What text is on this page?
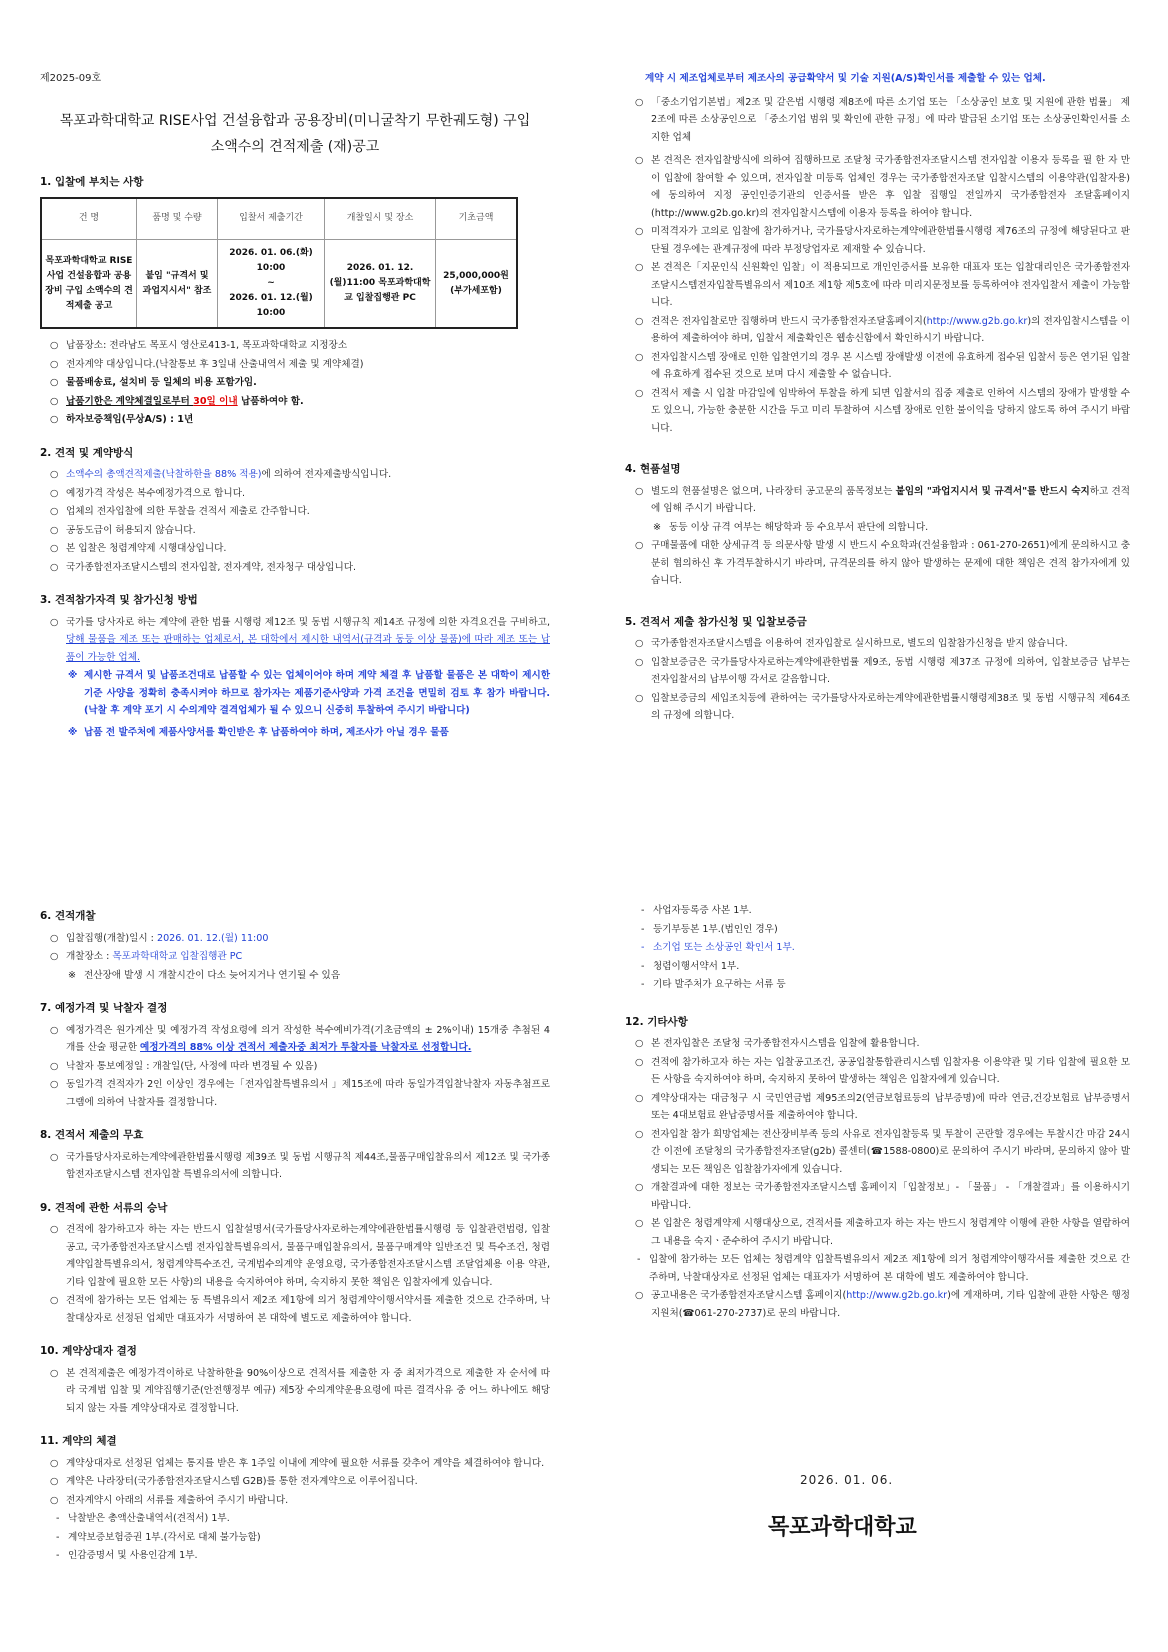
제2025-09호
목포과학대학교 RISE사업 건설융합과 공용장비(미니굴착기 무한궤도형) 구입
소액수의 견적제출 (재)공고
1. 입찰에 부치는 사항
건 명	품명 및 수량	입찰서 제출기간	개찰일시 및 장소	기초금액
목포과학대학교 RISE사업 건설융합과 공용장비 구입 소액수의 견적제출 공고	붙임 "규격서 및 과업지시서" 참조	2026. 01. 06.(화) 10:00
~
2026. 01. 12.(월) 10:00	2026. 01. 12.(월)11:00 목포과학대학교 입찰집행관 PC	25,000,000원 (부가세포함)
○ 납품장소: 전라남도 목포시 영산로413-1, 목포과학대학교 지정장소
○ 전자계약 대상입니다.(낙찰통보 후 3일내 산출내역서 제출 및 계약체결)
○ 물품배송료, 설치비 등 일체의 비용 포함가임.
○ 납품기한은 계약체결일로부터 30일 이내 납품하여야 함.
○ 하자보증책임(무상A/S) : 1년
2. 견적 및 계약방식
○ 소액수의 총액견적제출(낙찰하한율 88% 적용)에 의하여 전자제출방식입니다.
○ 예정가격 작성은 복수예정가격으로 합니다.
○ 업체의 전자입찰에 의한 투찰을 견적서 제출로 간주합니다.
○ 공동도급이 허용되지 않습니다.
○ 본 입찰은 청렴계약제 시행대상입니다.
○ 국가종합전자조달시스템의 전자입찰, 전자계약, 전자청구 대상입니다.
3. 견적참가자격 및 참가신청 방법
○ 국가를 당사자로 하는 계약에 관한 법률 시행령 제12조 및 동법 시행규칙 제14조 규정에 의한 자격요건을 구비하고, 당해 물품을 제조 또는 판매하는 업체로서, 본 대학에서 제시한 내역서(규격과 동등 이상 물품)에 따라 제조 또는 납품이 가능한 업체.
※ 제시한 규격서 및 납품조건대로 납품할 수 있는 업체이어야 하며 계약 체결 후 납품할 물품은 본 대학이 제시한 기준 사양을 정확히 충족시켜야 하므로 참가자는 제품기준사양과 가격 조건을 면밀히 검토 후 참가 바랍니다. (낙찰 후 계약 포기 시 수의계약 결격업체가 될 수 있으니 신중히 투찰하여 주시기 바랍니다)
※ 납품 전 발주처에 제품사양서를 확인받은 후 납품하여야 하며, 제조사가 아닐 경우 물품
계약 시 제조업체로부터 제조사의 공급확약서 및 기술 지원(A/S)확인서를 제출할 수 있는 업체.
○ 「중소기업기본법」제2조 및 같은법 시행령 제8조에 따른 소기업 또는 「소상공인 보호 및 지원에 관한 법률」 제2조에 따른 소상공인으로 「중소기업 범위 및 확인에 관한 규정」에 따라 발급된 소기업 또는 소상공인확인서를 소지한 업체
○ 본 견적은 전자입찰방식에 의하여 집행하므로 조달청 국가종합전자조달시스템 전자입찰 이용자 등록을 필 한 자 만이 입찰에 참여할 수 있으며, 전자입찰 미등록 업체인 경우는 국가종합전자조달 입찰시스템의 이용약관(입찰자용)에 동의하여 지정 공인인증기관의 인증서를 받은 후 입찰 집행일 전일까지 국가종합전자 조달홈페이지(http://www.g2b.go.kr)의 전자입찰시스템에 이용자 등록을 하여야 합니다.
○ 미적격자가 고의로 입찰에 참가하거나, 국가를당사자로하는계약에관한법률시행령 제76조의 규정에 해당된다고 판단될 경우에는 관계규정에 따라 부정당업자로 제재할 수 있습니다.
○ 본 견적은「지문인식 신원확인 입찰」이 적용되므로 개인인증서를 보유한 대표자 또는 입찰대리인은 국가종합전자조달시스템전자입찰특별유의서 제10조 제1항 제5호에 따라 미리지문정보를 등록하여야 전자입찰서 제출이 가능합니다.
○ 견적은 전자입찰로만 집행하며 반드시 국가종합전자조달홈페이지(http://www.g2b.go.kr)의 전자입찰시스템을 이용하여 제출하여야 하며, 입찰서 제출확인은 웹송신함에서 확인하시기 바랍니다.
○ 전자입찰시스템 장애로 인한 입찰연기의 경우 본 시스템 장애발생 이전에 유효하게 접수된 입찰서 등은 연기된 입찰에 유효하게 접수된 것으로 보며 다시 제출할 수 없습니다.
○ 견적서 제출 시 입찰 마감일에 임박하여 투찰을 하게 되면 입찰서의 집중 제출로 인하여 시스템의 장애가 발생할 수도 있으니, 가능한 충분한 시간을 두고 미리 투찰하여 시스템 장애로 인한 불이익을 당하지 않도록 하여 주시기 바랍니다.
4. 현품설명
○ 별도의 현품설명은 없으며, 나라장터 공고문의 품목정보는 붙임의 "과업지시서 및 규격서"를 반드시 숙지하고 견적에 임해 주시기 바랍니다.
※ 동등 이상 규격 여부는 해당학과 등 수요부서 판단에 의합니다.
○ 구매물품에 대한 상세규격 등 의문사항 발생 시 반드시 수요학과(건설융합과 : 061-270-2651)에게 문의하시고 충분히 협의하신 후 가격투찰하시기 바라며, 규격문의를 하지 않아 발생하는 문제에 대한 책임은 견적 참가자에게 있습니다.
5. 견적서 제출 참가신청 및 입찰보증금
○ 국가종합전자조달시스템을 이용하여 전자입찰로 실시하므로, 별도의 입찰참가신청을 받지 않습니다.
○ 입찰보증금은 국가를당사자로하는계약에관한법률 제9조, 동법 시행령 제37조 규정에 의하여, 입찰보증금 납부는 전자입찰서의 납부이행 각서로 갈음합니다.
○ 입찰보증금의 세입조치등에 관하여는 국가를당사자로하는계약에관한법률시행령제38조 및 동법 시행규칙 제64조의 규정에 의합니다.
6. 견적개찰
○ 입찰집행(개찰)일시 : 2026. 01. 12.(월) 11:00
○ 개찰장소 : 목포과학대학교 입찰집행관 PC
※ 전산장애 발생 시 개찰시간이 다소 늦어지거나 연기될 수 있음
7. 예정가격 및 낙찰자 결정
○ 예정가격은 원가계산 및 예정가격 작성요령에 의거 작성한 복수예비가격(기초금액의 ± 2%이내) 15개중 추첨된 4개를 산술 평균한 예정가격의 88% 이상 견적서 제출자중 최저가 투찰자를 낙찰자로 선정합니다.
○ 낙찰자 통보예정일 : 개찰일(단, 사정에 따라 변경될 수 있음)
○ 동일가격 견적자가 2인 이상인 경우에는「전자입찰특별유의서 」제15조에 따라 동일가격입찰낙찰자 자동추첨프로그램에 의하여 낙찰자를 결정합니다.
8. 견적서 제출의 무효
○ 국가를당사자로하는계약에관한법률시행령 제39조 및 동법 시행규칙 제44조,물품구매입찰유의서 제12조 및 국가종합전자조달시스템 전자입찰 특별유의서에 의합니다.
9. 견적에 관한 서류의 승낙
○ 견적에 참가하고자 하는 자는 반드시 입찰설명서(국가를당사자로하는계약에관한법률시행령 등 입찰관련법령, 입찰공고, 국가종합전자조달시스템 전자입찰특별유의서, 물품구매입찰유의서, 물품구매계약 일반조건 및 특수조건, 청렴계약입찰특별유의서, 청렴계약특수조건, 국계법수의계약 운영요령, 국가종합전자조달시스템 조달업체용 이용 약관, 기타 입찰에 필요한 모든 사항)의 내용을 숙지하여야 하며, 숙지하지 못한 책임은 입찰자에게 있습니다.
○ 견적에 참가하는 모든 업체는 동 특별유의서 제2조 제1항에 의거 청렴계약이행서약서를 제출한 것으로 간주하며, 낙찰대상자로 선정된 업체만 대표자가 서명하여 본 대학에 별도로 제출하여야 합니다.
10. 계약상대자 결정
○ 본 견적제출은 예정가격이하로 낙찰하한율 90%이상으로 견적서를 제출한 자 중 최저가격으로 제출한 자 순서에 따라 국계법 입찰 및 계약집행기준(안전행정부 예규) 제5장 수의계약운용요령에 따른 결격사유 중 어느 하나에도 해당되지 않는 자를 계약상대자로 결정합니다.
11. 계약의 체결
○ 계약상대자로 선정된 업체는 통지를 받은 후 1주일 이내에 계약에 필요한 서류를 갖추어 계약을 체결하여야 합니다.
○ 계약은 나라장터(국가종합전자조달시스템 G2B)를 통한 전자계약으로 이루어집니다.
○ 전자계약시 아래의 서류를 제출하여 주시기 바랍니다.
- 낙찰받은 총액산출내역서(견적서) 1부.
- 계약보증보험증권 1부.(각서로 대체 불가능함)
- 인감증명서 및 사용인감계 1부.
- 사업자등록증 사본 1부.
- 등기부등본 1부.(법인인 경우)
- 소기업 또는 소상공인 확인서 1부.
- 청렴이행서약서 1부.
- 기타 발주처가 요구하는 서류 등
12. 기타사항
○ 본 전자입찰은 조달청 국가종합전자시스템을 입찰에 활용합니다.
○ 견적에 참가하고자 하는 자는 입찰공고조건, 공공입찰통합관리시스템 입찰자용 이용약관 및 기타 입찰에 필요한 모든 사항을 숙지하여야 하며, 숙지하지 못하여 발생하는 책임은 입찰자에게 있습니다.
○ 계약상대자는 대금청구 시 국민연금법 제95조의2(연금보험료등의 납부증명)에 따라 연금,건강보험료 납부증명서 또는 4대보험료 완납증명서를 제출하여야 합니다.
○ 전자입찰 참가 희망업체는 전산장비부족 등의 사유로 전자입찰등록 및 투찰이 곤란할 경우에는 투찰시간 마감 24시간 이전에 조달청의 국가종합전자조달(g2b) 콜센터(☎1588-0800)로 문의하여 주시기 바라며, 문의하지 않아 발생되는 모든 책임은 입찰참가자에게 있습니다.
○ 개찰결과에 대한 정보는 국가종합전자조달시스템 홈페이지「입찰정보」- 「물품」 - 「개찰결과」를 이용하시기 바랍니다.
○ 본 입찰은 청렴계약제 시행대상으로, 견적서를 제출하고자 하는 자는 반드시 청렴계약 이행에 관한 사항을 열람하여 그 내용을 숙지ㆍ준수하여 주시기 바랍니다.
- 입찰에 참가하는 모든 업체는 청렴계약 입찰특별유의서 제2조 제1항에 의거 청렴계약이행각서를 제출한 것으로 간주하며, 낙찰대상자로 선정된 업체는 대표자가 서명하여 본 대학에 별도 제출하여야 합니다.
○ 공고내용은 국가종합전자조달시스템 홈페이지(http://www.g2b.go.kr)에 게재하며, 기타 입찰에 관한 사항은 행정지원처(☎061-270-2737)로 문의 바랍니다.
2026. 01. 06.
목포과학대학교
